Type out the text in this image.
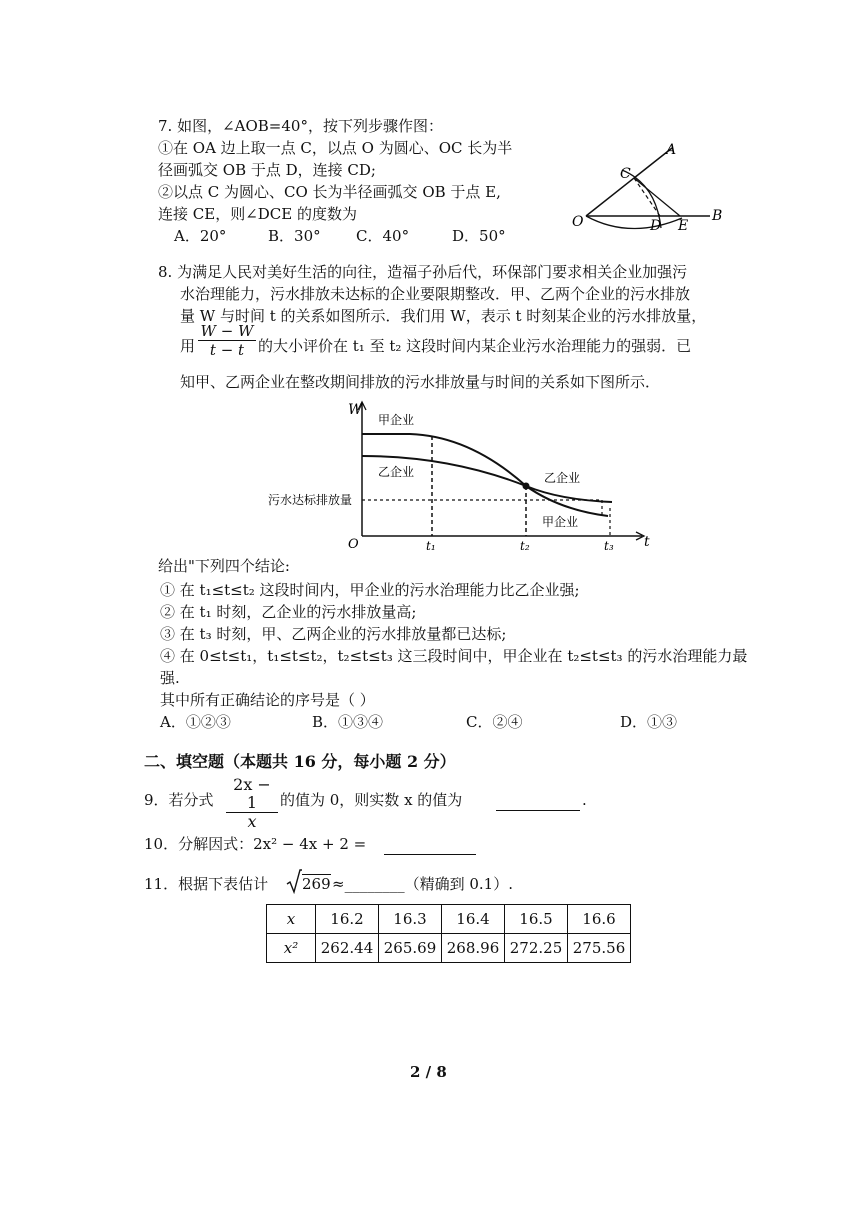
7. 如图，∠AOB=40°，按下列步骤作图：
①在 OA 边上取一点 C，以点 O 为圆心、OC 长为半
径画弧交 OB 于点 D，连接 CD;
②以点 C 为圆心、CO 长为半径画弧交 OB 于点 E,
连接 CE，则∠DCE 的度数为
A．20°	B．30° C．40°	D．50°
A
C
O	D E
B
8. 为满足人民对美好生活的向往，造福子孙后代，环保部门要求相关企业加强污
水治理能力，污水排放未达标的企业要限期整改．甲、乙两个企业的污水排放
量 W 与时间 t 的关系如图所示．我们用 W，表示 t 时刻某企业的污水排放量，
用 $\frac{W - W}{t - t}$ 的大小评价在 t₁ 至 t₂ 这段时间内某企业污水治理能力的强弱．已
知甲、乙两企业在整改期间排放的污水排放量与时间的关系如下图所示．
W
t
O	t₁	t₂	t₃
甲企业
乙企业	乙企业
甲企业
污水达标排放量
给出"下列四个结论:
① 在 t₁≤t≤t₂ 这段时间内，甲企业的污水治理能力比乙企业强;
② 在 t₁ 时刻，乙企业的污水排放量高;
③ 在 t₃ 时刻，甲、乙两企业的污水排放量都已达标;
④ 在 0≤t≤t₁，t₁≤t≤t₂，t₂≤t≤t₃ 这三段时间中，甲企业在 t₂≤t≤t₃ 的污水治理能力最
强.
其中所有正确结论的序号是（ ）
A．①②③	B．①③④	C．②④	D．①③
二、填空题（本题共 16 分，每小题 2 分）
9．若分式 $\frac{2x - 1}{x}$ 的值为 0，则实数 x 的值为	.
10．分解因式：2x² − 4x + 2 =
11．根据下表估计 269 ≈________（精确到 0.1）.
x	16.2	16.3	16.4	16.5	16.6
x²	262.44	265.69	268.96	272.25	275.56
2 / 8
